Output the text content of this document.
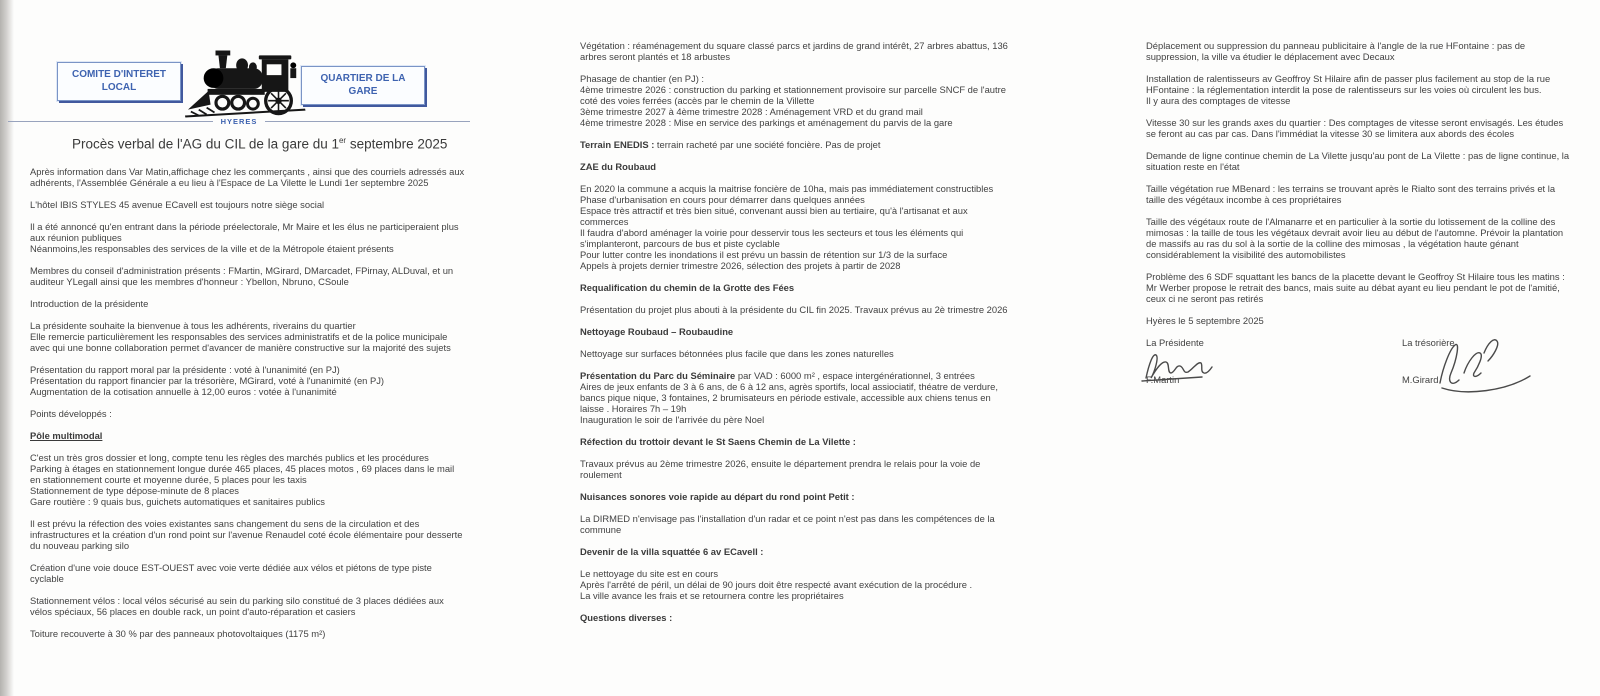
COMITE D'INTERET LOCAL
QUARTIER DE LA GARE
HYERES
Procès verbal de l'AG du CIL de la gare du 1er septembre 2025

Après information dans Var Matin,affichage chez les commerçants , ainsi que des courriels adressés aux adhérents, l'Assemblée Générale a eu lieu à l'Espace de La Vilette le Lundi 1er septembre 2025

L'hôtel IBIS STYLES 45 avenue ECavell est toujours notre siège social

Il a été annoncé qu'en entrant dans la période préelectorale, Mr Maire et les élus ne participeraient plus aux réunion publiques
Néanmoins,les responsables des services de la ville et de la Métropole étaient présents

Membres du conseil d'administration présents : FMartin, MGirard, DMarcadet, FPirnay, ALDuval, et un auditeur YLegall ainsi que les membres d'honneur : Ybellon, Nbruno, CSoule

Introduction de la présidente

La présidente souhaite la bienvenue à tous les adhérents, riverains du quartier
Elle remercie particulièrement les responsables des services administratifs et de la police municipale avec qui une bonne collaboration permet d'avancer de manière constructive sur la majorité des sujets

Présentation du rapport moral par la présidente : voté à l'unanimité (en PJ)
Présentation du rapport financier par la trésorière, MGirard, voté à l'unanimité (en PJ)
Augmentation de la cotisation annuelle à 12,00 euros : votée à l'unanimité

Points développés :

Pôle multimodal

C'est un très gros dossier et long, compte tenu les règles des marchés publics et les procédures
Parking à étages en stationnement longue durée 465 places, 45 places motos , 69 places dans le mail en stationnement courte et moyenne durée, 5 places pour les taxis
Stationnement de type dépose-minute de 8 places
Gare routière : 9 quais bus, guichets automatiques et sanitaires publics

Il est prévu la réfection des voies existantes sans changement du sens de la circulation et des infrastructures et la création d'un rond point sur l'avenue Renaudel coté école élémentaire pour desserte du nouveau parking silo

Création d'une voie douce EST-OUEST avec voie verte dédiée aux vélos et piétons de type piste cyclable

Stationnement vélos : local vélos sécurisé au sein du parking silo constitué de 3 places dédiées aux vélos spéciaux, 56 places en double rack, un point d'auto-réparation et casiers

Toiture recouverte à 30 % par des panneaux photovoltaiques (1175 m²)

Végétation : réaménagement du square classé parcs et jardins de grand intérêt, 27 arbres abattus, 136 arbres seront plantés et 18 arbustes

Phasage de chantier (en PJ) :
4ème trimestre 2026 : construction du parking et stationnement provisoire sur parcelle SNCF de l'autre coté des voies ferrées (accès par le chemin de la Villette
3ème trimestre 2027 à 4ème trimestre 2028 : Aménagement VRD et du grand mail
4ème trimestre 2028 : Mise en service des parkings et aménagement du parvis de la gare

Terrain ENEDIS : terrain racheté par une société foncière. Pas de projet

ZAE du Roubaud

En 2020 la commune a acquis la maitrise foncière de 10ha, mais pas immédiatement constructibles
Phase d'urbanisation en cours pour démarrer dans quelques années
Espace très attractif et très bien situé, convenant aussi bien au tertiaire, qu'à l'artisanat et aux commerces
Il faudra d'abord aménager la voirie pour desservir tous les secteurs et tous les éléments qui s'implanteront, parcours de bus et piste cyclable
Pour lutter contre les inondations il est prévu un bassin de rétention sur 1/3 de la surface
Appels à projets dernier trimestre 2026, sélection des projets à partir de 2028

Requalification du chemin de la Grotte des Fées

Présentation du projet plus abouti à la présidente du CIL fin 2025. Travaux prévus au 2è trimestre 2026

Nettoyage Roubaud – Roubaudine

Nettoyage sur surfaces bétonnées plus facile que dans les zones naturelles

Présentation du Parc du Séminaire par VAD : 6000 m² , espace intergénérationnel, 3 entrées
Aires de jeux enfants de 3 à 6 ans, de 6 à 12 ans, agrès sportifs, local assiociatif, théatre de verdure, bancs pique nique, 3 fontaines, 2 brumisateurs en période estivale, accessible aux chiens tenus en laisse . Horaires 7h – 19h
Inauguration le soir de l'arrivée du père Noel

Réfection du trottoir devant le St Saens Chemin de La Vilette :

Travaux prévus au 2ème trimestre 2026, ensuite le département prendra le relais pour la voie de roulement

Nuisances sonores voie rapide au départ du rond point Petit :

La DIRMED n'envisage pas l'installation d'un radar et ce point n'est pas dans les compétences de la commune

Devenir de la villa squattée 6 av ECavell :

Le nettoyage du site est en cours
Après l'arrêté de péril, un délai de 90 jours doit être respecté avant exécution de la procédure .
La ville avance les frais et se retournera contre les propriétaires

Questions diverses :

Déplacement ou suppression du panneau publicitaire à l'angle de la rue HFontaine : pas de suppression, la ville va étudier le déplacement avec Decaux

Installation de ralentisseurs av Geoffroy St Hilaire afin de passer plus facilement au stop de la rue HFontaine : la réglementation interdit la pose de ralentisseurs sur les voies où circulent les bus.
Il y aura des comptages de vitesse

Vitesse 30 sur les grands axes du quartier : Des comptages de vitesse seront envisagés. Les études se feront au cas par cas. Dans l'immédiat la vitesse 30 se limitera aux abords des écoles

Demande de ligne continue chemin de La Vilette jusqu'au pont de La Vilette : pas de ligne continue, la situation reste en l'état

Taille végétation rue MBenard : les terrains se trouvant après le Rialto sont des terrains privés et la taille des végétaux incombe à ces propriétaires

Taille des végétaux route de l'Almanarre et en particulier à la sortie du lotissement de la colline des mimosas : la taille de tous les végétaux devrait avoir lieu au début de l'automne. Prévoir la plantation de massifs au ras du sol à la sortie de la colline des mimosas , la végétation haute génant considérablement la visibilité des automobilistes

Problème des 6 SDF squattant les bancs de la placette devant le Geoffroy St Hilaire tous les matins : Mr Werber propose le retrait des bancs, mais suite au débat ayant eu lieu pendant le pot de l'amitié, ceux ci ne seront pas retirés

Hyères le 5 septembre 2025

La Présidente
F.Martin
La trésorière
M.Girard
